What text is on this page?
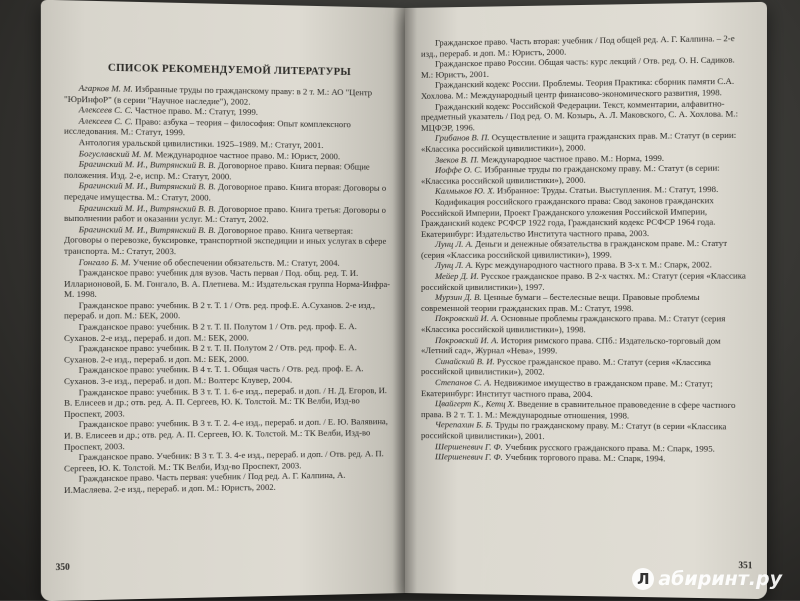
СПИСОК РЕКОМЕНДУЕМОЙ ЛИТЕРАТУРЫ

Агарков М. М. Избранные труды по гражданскому праву: в 2 т. М.: АО "Центр "ЮрИнфоР" (в серии "Научное наследие"), 2002.

Алексеев С. С. Частное право. М.: Статут, 1999.

Алексеев С. С. Право: азбука – теория – философия: Опыт комплексного исследования. М.: Статут, 1999.

Антология уральской цивилистики. 1925–1989. М.: Статут, 2001.

Богуславский М. М. Международное частное право. М.: Юрист, 2000.

Брагинский М. И., Витрянский В. В. Договорное право. Книга первая: Общие положения. Изд. 2-е, испр. М.: Статут, 2000.

Брагинский М. И., Витрянский В. В. Договорное право. Книга вторая: Договоры о передаче имущества. М.: Статут, 2000.

Брагинский М. И., Витрянский В. В. Договорное право. Книга третья: Договоры о выполнении работ и оказании услуг. М.: Статут, 2002.

Брагинский М. И., Витрянский В. В. Договорное право. Книга четвертая: Договоры о перевозке, буксировке, транспортной экспедиции и иных услугах в сфере транспорта. М.: Статут, 2003.

Гонгало Б. М. Учение об обеспечении обязательств. М.: Статут, 2004.

Гражданское право: учебник для вузов. Часть первая / Под. общ. ред. Т. И. Илларионовой, Б. М. Гонгало, В. А. Плетнева. М.: Издательская группа Норма-Инфра-М. 1998.

Гражданское право: учебник. В 2 т. Т. 1 / Отв. ред. проф.Е. А.Суханов. 2-е изд., перераб. и доп. М.: БЕК, 2000.

Гражданское право: учебник. В 2 т. Т. II. Полутом 1 / Отв. ред. проф. Е. А. Суханов. 2-е изд., перераб. и доп. М.: БЕК, 2000.

Гражданское право: учебник. В 2 т. Т. II. Полутом 2 / Отв. ред. проф. Е. А. Суханов. 2-е изд., перераб. и доп. М.: БЕК, 2000.

Гражданское право: учебник. В 4 т. Т. 1. Общая часть / Отв. ред. проф. Е. А. Суханов. 3-е изд., перераб. и доп. М.: Волтерс Клувер, 2004.

Гражданское право: учебник. В 3 т. Т. 1. 6-е изд., перераб. и доп. / Н. Д. Егоров, И. В. Елисеев и др.; отв. ред. А. П. Сергеев, Ю. К. Толстой. М.: ТК Велби, Изд-во Проспект, 2003.

Гражданское право: учебник. В 3 т. Т. 2. 4-е изд., перераб. и доп. / Е. Ю. Валявина, И. В. Елисеев и др.; отв. ред. А. П. Сергеев, Ю. К. Толстой. М.: ТК Велби, Изд-во Проспект, 2003.

Гражданское право. Учебник: В 3 т. Т. 3. 4-е изд., перераб. и доп. / Отв. ред. А. П. Сергеев, Ю. К. Толстой. М.: ТК Велби, Изд-во Проспект, 2003.

Гражданское право. Часть первая: учебник / Под ред. А. Г. Калпина, А. И.Масляева. 2-е изд., перераб. и доп. М.: Юристъ, 2002.

350

Гражданское право. Часть вторая: учебник / Под общей ред. А. Г. Калпина. – 2-е изд., перераб. и доп. М.: Юристъ, 2000.

Гражданское право России. Общая часть: курс лекций / Отв. ред. О. Н. Садиков. М.: Юристъ, 2001.

Гражданский кодекс России. Проблемы. Теория Практика: сборник памяти С.А. Хохлова. М.: Международный центр финансово-экономического развития, 1998.

Гражданский кодекс Российской Федерации. Текст, комментарии, алфавитно-предметный указатель / Под ред. О. М. Козырь, А. Л. Маковского, С. А. Хохлова. М.: МЦФЭР, 1996.

Грибанов В. П. Осуществление и защита гражданских прав. М.: Статут (в серии: «Классика российской цивилистики»), 2000.

Звеков В. П. Международное частное право. М.: Норма, 1999.

Иоффе О. С. Избранные труды по гражданскому праву. М.: Статут (в серии: «Классика российской цивилистики»), 2000.

Калмыков Ю. Х. Избранное: Труды. Статьи. Выступления. М.: Статут, 1998.

Кодификация российского гражданского права: Свод законов гражданских Российской Империи, Проект Гражданского уложения Российской Империи, Гражданский кодекс РСФСР 1922 года, Гражданский кодекс РСФСР 1964 года. Екатеринбург: Издательство Института частного права, 2003.

Лунц Л. А. Деньги и денежные обязательства в гражданском праве. М.: Статут (серия «Классика российской цивилистики»), 1999.

Лунц Л. А. Курс международного частного права. В 3-х т. М.: Спарк, 2002.

Мейер Д. И. Русское гражданское право. В 2-х частях. М.: Статут (серия «Классика российской цивилистики»), 1997.

Мурзин Д. В. Ценные бумаги – бестелесные вещи. Правовые проблемы современной теории гражданских прав. М.: Статут, 1998.

Покровский И. А. Основные проблемы гражданского права. М.: Статут (серия «Классика российской цивилистики»), 1998.

Покровский И. А. История римского права. СПб.: Издательско-торговый дом «Летний сад», Журнал «Нева», 1999.

Синайский В. И. Русское гражданское право. М.: Статут (серия «Классика российской цивилистики»), 2002.

Степанов С. А. Недвижимое имущество в гражданском праве. М.: Статут; Екатеринбург: Институт частного права, 2004.

Цвайгерт К., Кетц Х. Введение в сравнительное правоведение в сфере частного права. В 2 т. Т. 1. М.: Международные отношения, 1998.

Черепахин Б. Б. Труды по гражданскому праву. М.: Статут (в серии «Классика российской цивилистики»), 2001.

Шершеневич Г. Ф. Учебник русского гражданского права. М.: Спарк, 1995.

Шершеневич Г. Ф. Учебник торгового права. М.: Спарк, 1994.

351
Л абиринт.ру
